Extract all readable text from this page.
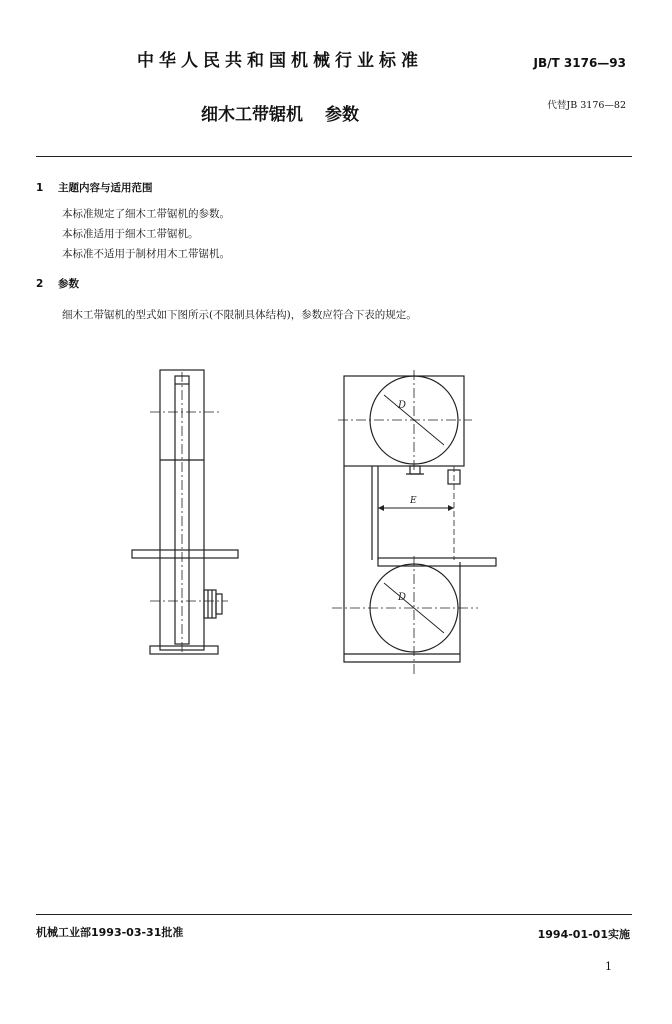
中华人民共和国机械行业标准	JB/T 3176—93
细木工带锯机 参数	代替JB 3176—82
1 主题内容与适用范围
本标准规定了细木工带锯机的参数。
本标准适用于细木工带锯机。
本标准不适用于制材用木工带锯机。
2 参数
细木工带锯机的型式如下图所示(不限制具体结构)，参数应符合下表的规定。
D
D
E
机械工业部1993-03-31批准	1994-01-01实施
1
